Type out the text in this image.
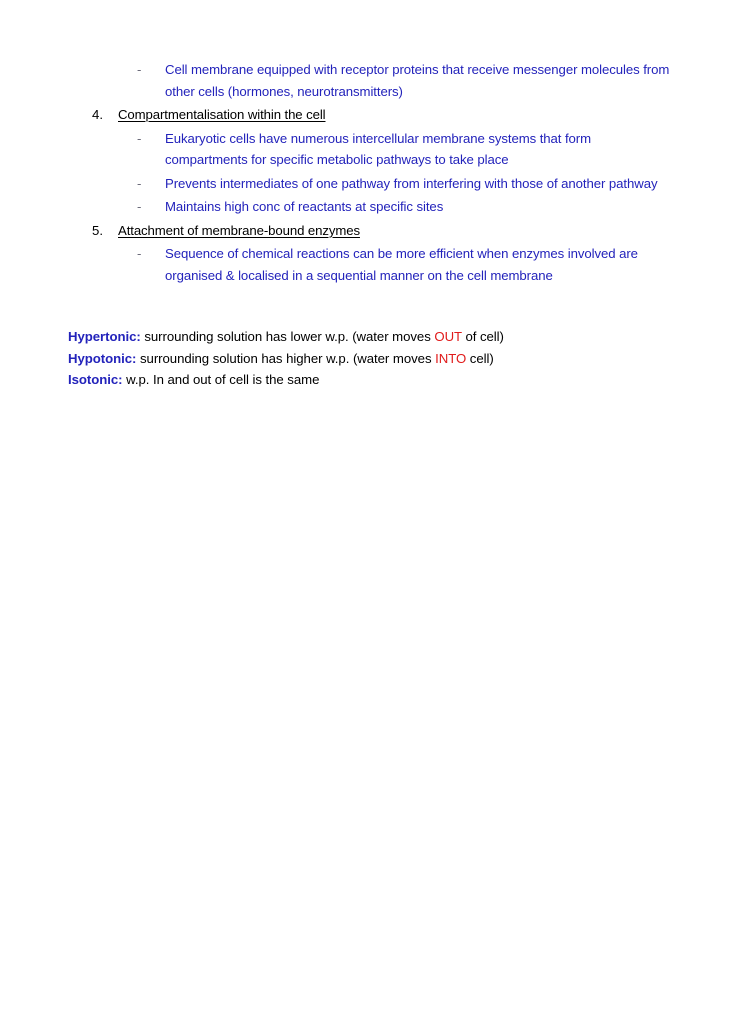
-	Cell membrane equipped with receptor proteins that receive messenger molecules from other cells (hormones, neurotransmitters)
4.	Compartmentalisation within the cell
-	Eukaryotic cells have numerous intercellular membrane systems that form compartments for specific metabolic pathways to take place
-	Prevents intermediates of one pathway from interfering with those of another pathway
-	Maintains high conc of reactants at specific sites
5.	Attachment of membrane-bound enzymes
-	Sequence of chemical reactions can be more efficient when enzymes involved are organised & localised in a sequential manner on the cell membrane
Hypertonic: surrounding solution has lower w.p. (water moves OUT of cell)
Hypotonic: surrounding solution has higher w.p. (water moves INTO cell)
Isotonic: w.p. In and out of cell is the same
